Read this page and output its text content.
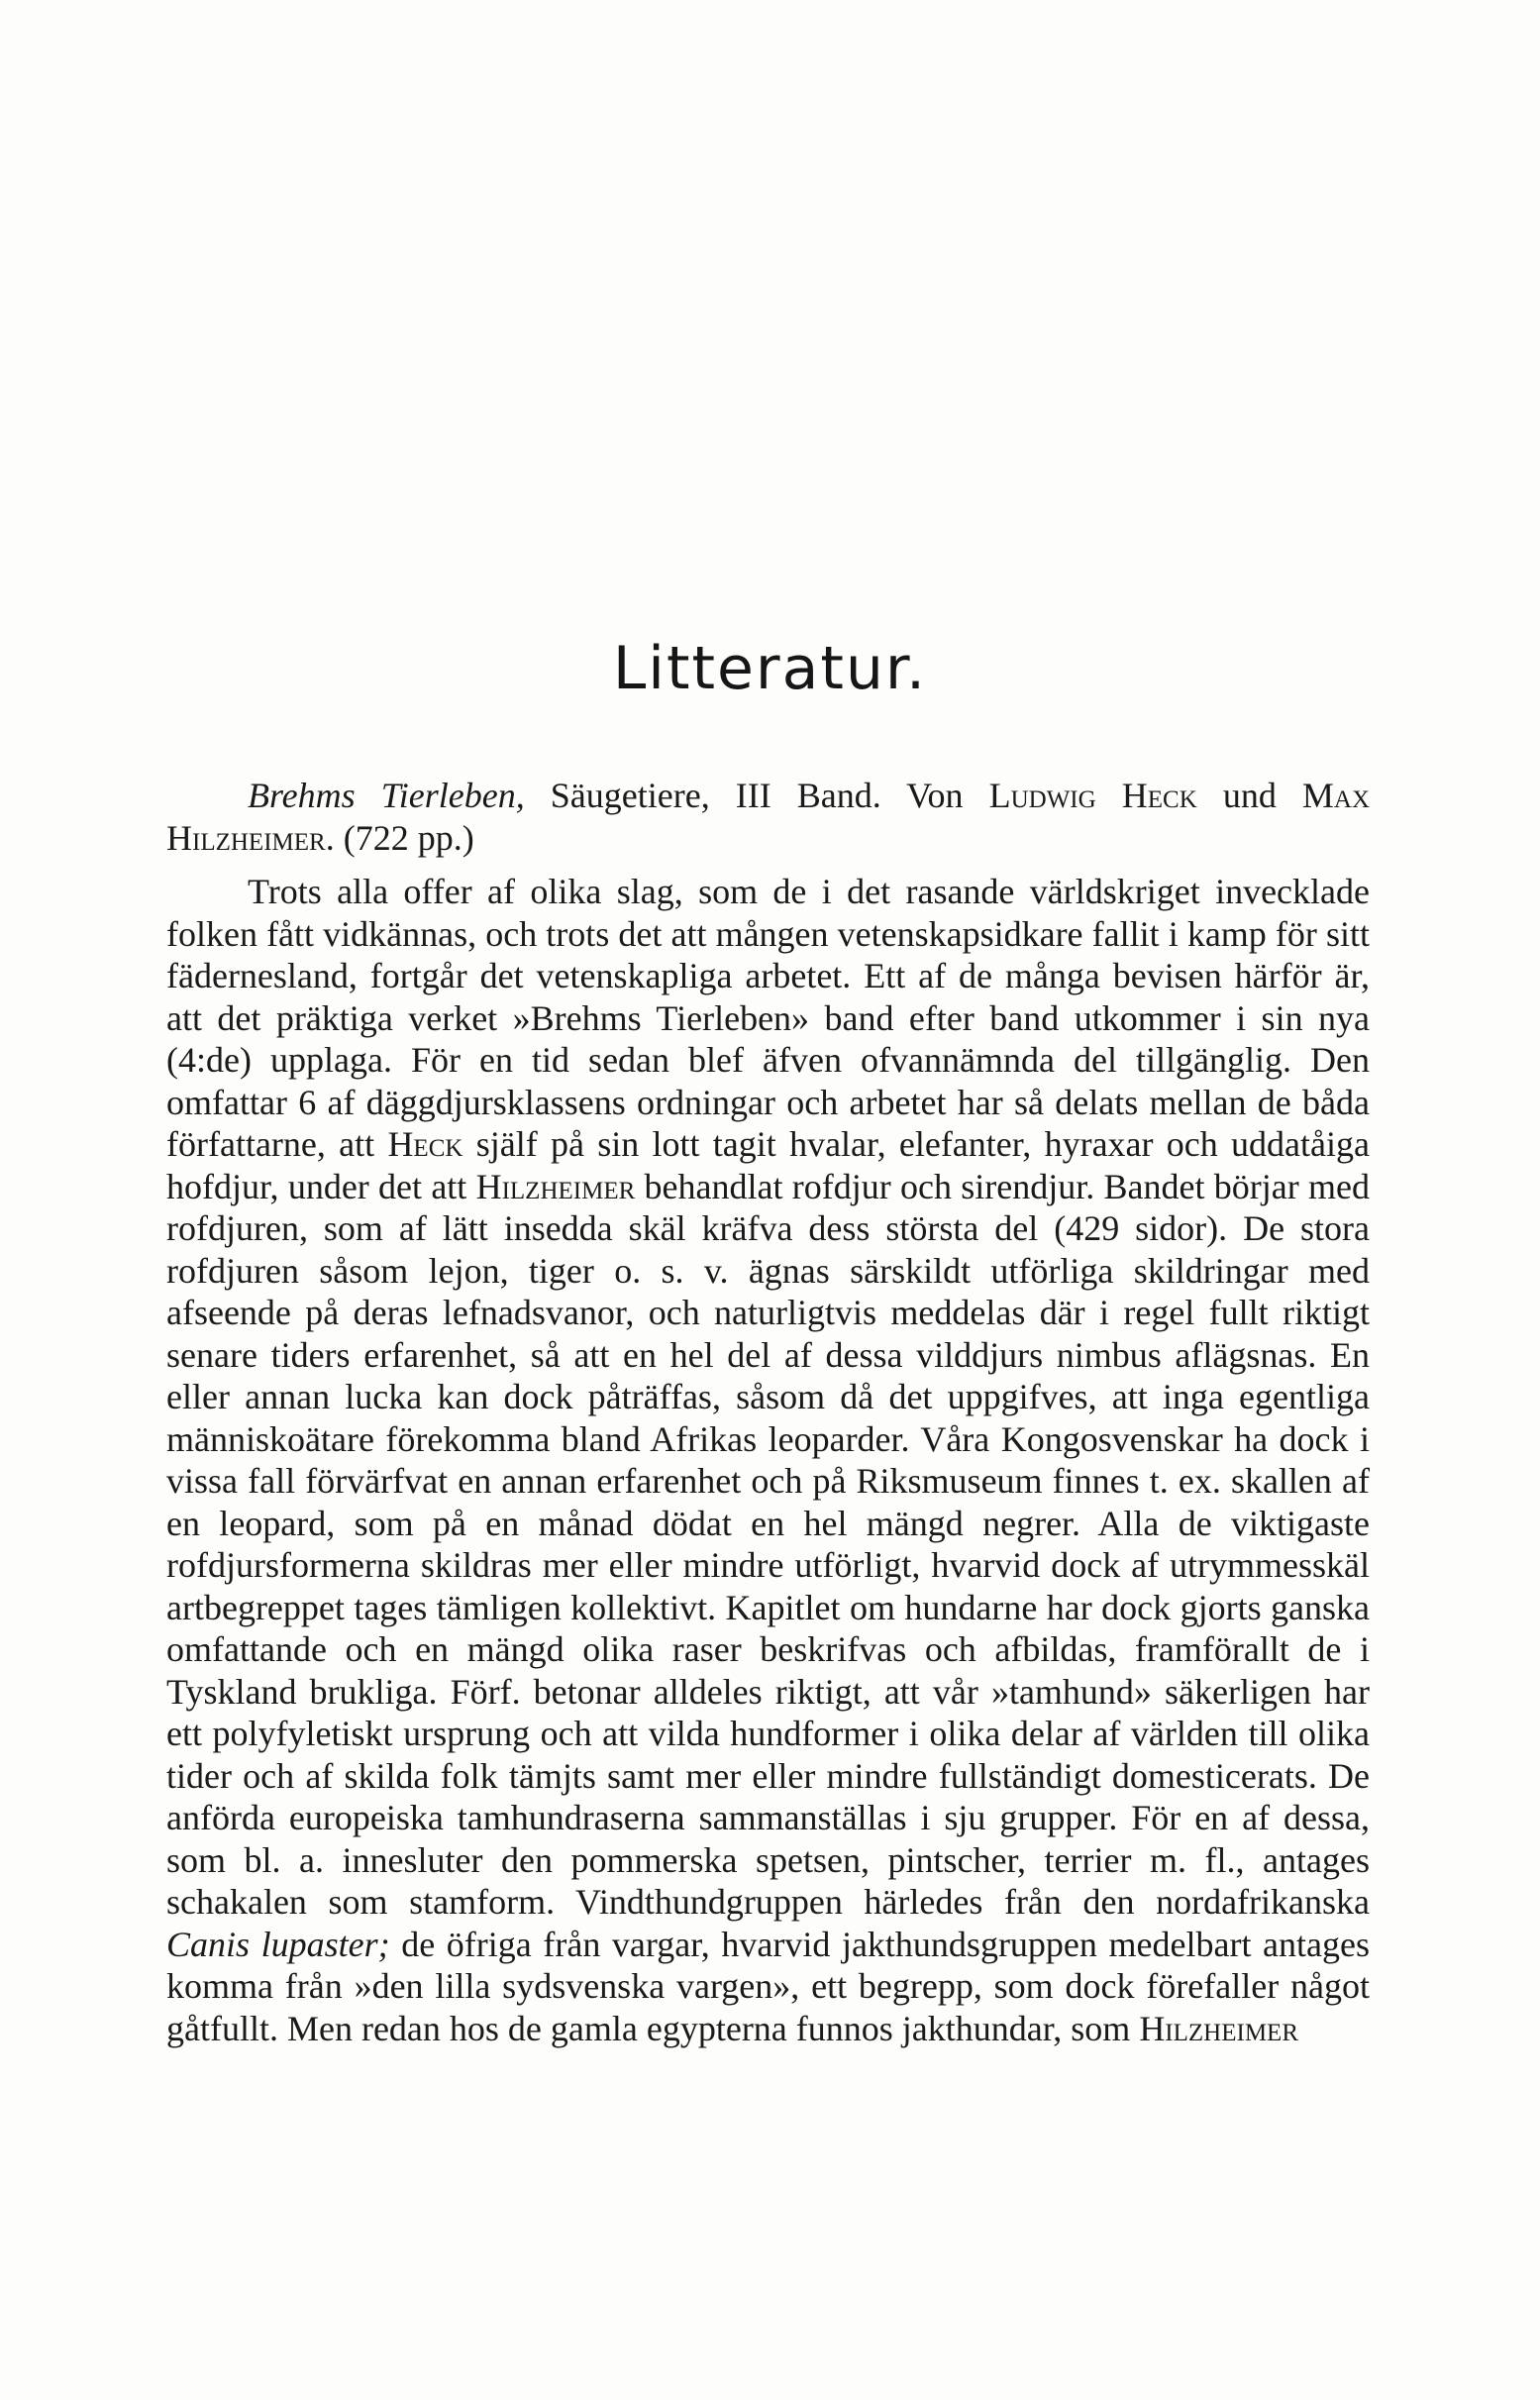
Litteratur.

Brehms Tierleben, Säugetiere, III Band. Von Ludwig Heck und Max Hilzheimer. (722 pp.)

Trots alla offer af olika slag, som de i det rasande världskriget invecklade folken fått vidkännas, och trots det att mången vetenskapsidkare fallit i kamp för sitt fädernesland, fortgår det vetenskapliga arbetet. Ett af de många bevisen härför är, att det präktiga verket »Brehms Tierleben» band efter band utkommer i sin nya (4:de) upplaga. För en tid sedan blef äfven ofvannämnda del tillgänglig. Den omfattar 6 af däggdjursklassens ordningar och arbetet har så delats mellan de båda författarne, att Heck själf på sin lott tagit hvalar, elefanter, hyraxar och uddatåiga hofdjur, under det att Hilzheimer behandlat rofdjur och sirendjur. Bandet börjar med rofdjuren, som af lätt insedda skäl kräfva dess största del (429 sidor). De stora rofdjuren såsom lejon, tiger o. s. v. ägnas särskildt utförliga skildringar med afseende på deras lefnadsvanor, och naturligtvis meddelas där i regel fullt riktigt senare tiders erfarenhet, så att en hel del af dessa vilddjurs nimbus aflägsnas. En eller annan lucka kan dock påträffas, såsom då det uppgifves, att inga egentliga människoätare förekomma bland Afrikas leoparder. Våra Kongosvenskar ha dock i vissa fall förvärfvat en annan erfarenhet och på Riksmuseum finnes t. ex. skallen af en leopard, som på en månad dödat en hel mängd negrer. Alla de viktigaste rofdjursformerna skildras mer eller mindre utförligt, hvarvid dock af utrymmesskäl artbegreppet tages tämligen kollektivt. Kapitlet om hundarne har dock gjorts ganska omfattande och en mängd olika raser beskrifvas och afbildas, framförallt de i Tyskland brukliga. Förf. betonar alldeles riktigt, att vår »tamhund» säkerligen har ett polyfyletiskt ursprung och att vilda hundformer i olika delar af världen till olika tider och af skilda folk tämjts samt mer eller mindre fullständigt domesticerats. De anförda europeiska tamhundraserna sammanställas i sju grupper. För en af dessa, som bl. a. innesluter den pommerska spetsen, pintscher, terrier m. fl., antages schakalen som stamform. Vindthundgruppen härledes från den nordafrikanska Canis lupaster; de öfriga från vargar, hvarvid jakthundsgruppen medelbart antages komma från »den lilla sydsvenska vargen», ett begrepp, som dock förefaller något gåtfullt. Men redan hos de gamla egypterna funnos jakthundar, som Hilzheimer
